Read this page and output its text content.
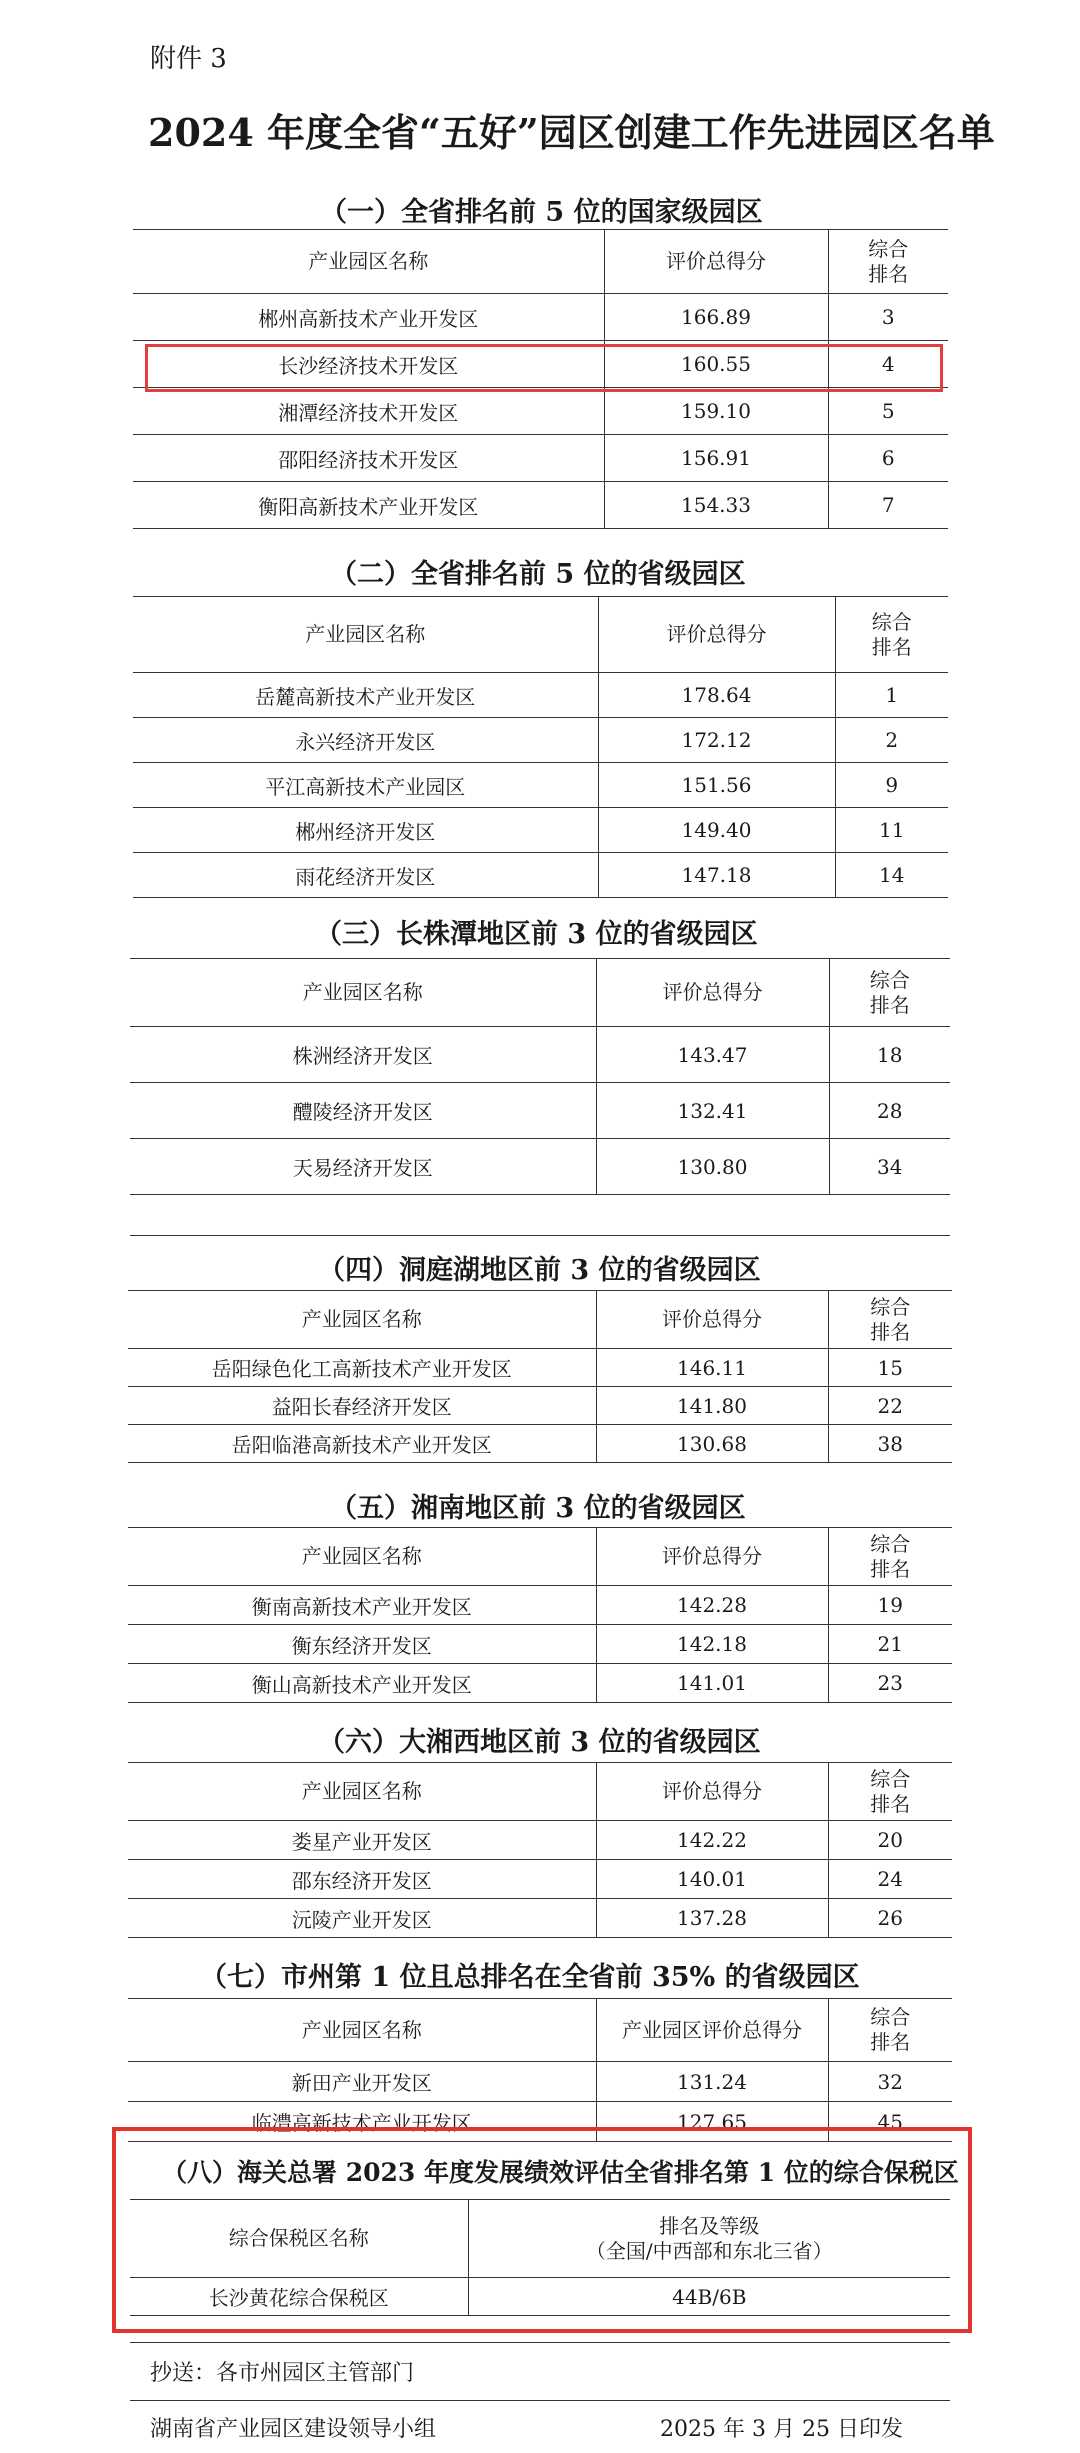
附件 3
2024 年度全省“五好”园区创建工作先进园区名单
（一）全省排名前 5 位的国家级园区
产业园区名称	评价总得分	综合
排名

郴州高新技术产业开发区	166.89	3
长沙经济技术开发区	160.55	4
湘潭经济技术开发区	159.10	5
邵阳经济技术开发区	156.91	6
衡阳高新技术产业开发区	154.33	7
（二）全省排名前 5 位的省级园区
产业园区名称	评价总得分	综合
排名

岳麓高新技术产业开发区	178.64	1
永兴经济开发区	172.12	2
平江高新技术产业园区	151.56	9
郴州经济开发区	149.40	11
雨花经济开发区	147.18	14
（三）长株潭地区前 3 位的省级园区
产业园区名称	评价总得分	综合
排名

株洲经济开发区	143.47	18
醴陵经济开发区	132.41	28
天易经济开发区	130.80	34
（四）洞庭湖地区前 3 位的省级园区
产业园区名称	评价总得分	综合
排名

岳阳绿色化工高新技术产业开发区	146.11	15
益阳长春经济开发区	141.80	22
岳阳临港高新技术产业开发区	130.68	38
（五）湘南地区前 3 位的省级园区
产业园区名称	评价总得分	综合
排名

衡南高新技术产业开发区	142.28	19
衡东经济开发区	142.18	21
衡山高新技术产业开发区	141.01	23
（六）大湘西地区前 3 位的省级园区
产业园区名称	评价总得分	综合
排名

娄星产业开发区	142.22	20
邵东经济开发区	140.01	24
沅陵产业开发区	137.28	26
（七）市州第 1 位且总排名在全省前 35% 的省级园区
产业园区名称	产业园区评价总得分	综合
排名

新田产业开发区	131.24	32
临澧高新技术产业开发区	127.65	45
（八）海关总署 2023 年度发展绩效评估全省排名第 1 位的综合保税区
综合保税区名称	排名及等级
（全国/中西部和东北三省）

长沙黄花综合保税区	44B/6B
抄送：各市州园区主管部门
湖南省产业园区建设领导小组	2025 年 3 月 25 日印发
